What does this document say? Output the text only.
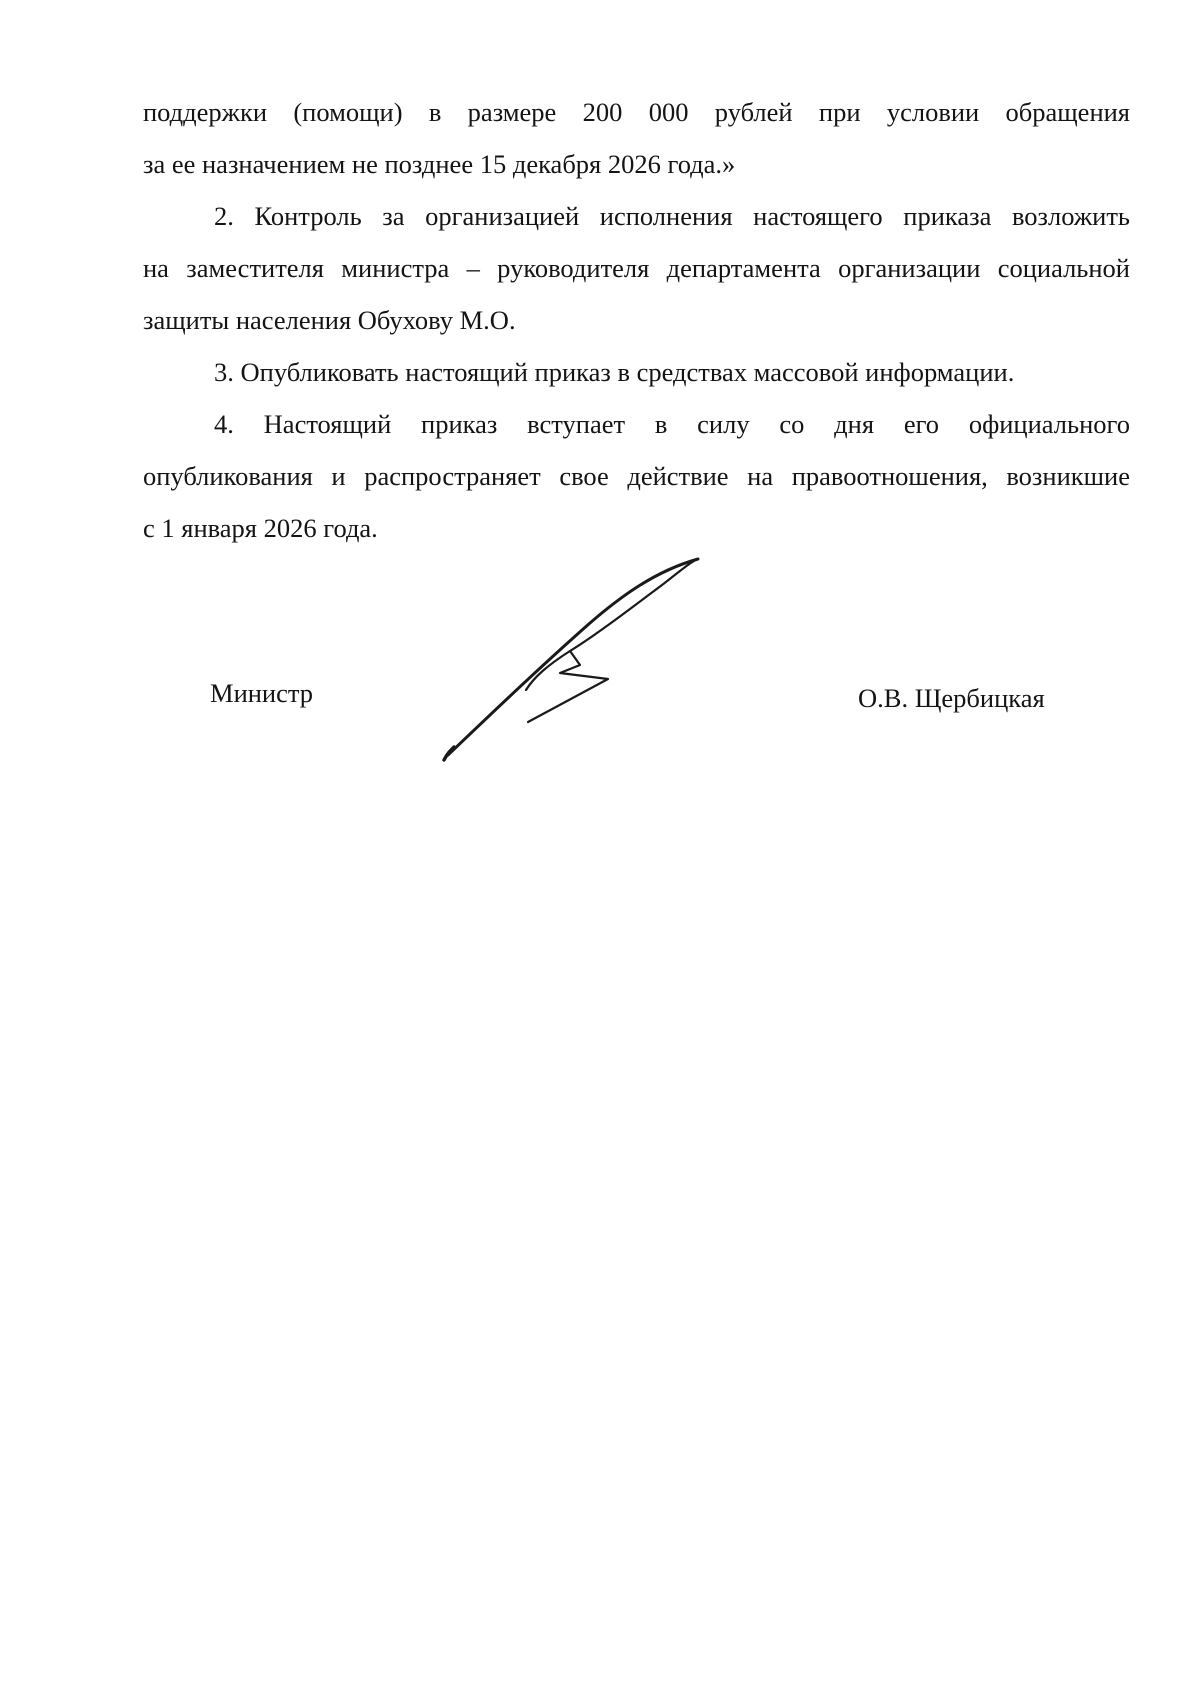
поддержки (помощи) в размере 200 000 рублей при условии обращения
за ее назначением не позднее 15 декабря 2026 года.»

2. Контроль за организацией исполнения настоящего приказа возложить
на заместителя министра – руководителя департамента организации социальной
защиты населения Обухову М.О.

3. Опубликовать настоящий приказ в средствах массовой информации.

4. Настоящий приказ вступает в силу со дня его официального
опубликования и распространяет свое действие на правоотношения, возникшие
с 1 января 2026 года.

Министр	О.В. Щербицкая
